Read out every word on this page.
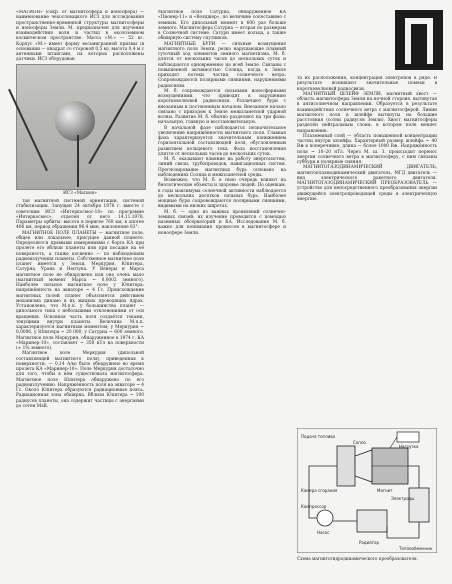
«МАГИОН» (сокр. от магнитосфера и ионосфера) — наименование чехословацкого ИСЗ для исследования пространственно-временной структуры магнитосферы и ионосферы Земли. М. предназначен для изучения взаимодействия волн и частиц в околоземном космическом пространстве. Масса «М.» — 52 кг. Корпус «М.» имеет форму восьмигранной призмы (в основании — квадрат со стороной 0,5 м), высота 0,4 м с антенными штангами, на которых расположены датчики. ИСЗ оборудован

ИСЗ «Магион»

тан магнитной системой ориентации, системой стабилизации. Запущен 24 октября 1978 г. вместе с советским ИСЗ «Интеркосмос-18» по программе «Интеркосмос», отделен от него 14.11.1978. Параметры орбиты: высота в перигее 768 км, в апогее 406 км, период обращения 96,4 мин, наклонение 83°.

МАГНИТНОЕ ПОЛЕ ПЛАНЕТЫ — магнитное поле, общее или локальное, присущее данной планете. Определяется прямыми измерениями с борта КА при пролете его вблизи планеты или при посадке на её поверхность, а также косвенно — по наблюдениям радиоизлучения планеты. Собственное магнитное поле планет имеется у Земли, Меркурия, Юпитера, Сатурна, Урана и Нептуна. У Венеры и Марса магнитное поле не обнаружено или оно очень мало (магнитный момент Марса ~ 0,0002 земного). Наиболее сильное магнитное поле у Юпитера: напряжённость на экваторе ~ 4 Гс. Происхождение магнитных полей планет объясняется действием механизма динамо в их жидких проводящих ядрах. Установлено, что М.п.п. у большинства планет — дипольного типа с небольшими отклонениями от оси вращения. Основная часть поля создаётся токами, текущими внутри планеты. Величина М.п.п. характеризуется магнитным моментом; у Меркурия ~ 0,0006, у Юпитера ~ 20 000, у Сатурна ~ 600 земного. Магнитное поле Меркурия, обнаруженное в 1974 г. КА «Маринер-10», составляет ~ 350 нТл на поверхности (≈ 1% земного).

Магнитное поле Меркурия (дипольной составляющей магнитного поля), приведенная к поверхности, — 0,14 А/м) было обнаружено во время пролета КА «Маринер-10». Поле Меркурия достаточно для того, чтобы в нём существовала магнитосфера. Магнитное поле Юпитера обнаружено по его радиоизлучению. Напряжённость поля на экваторе ~ 4 Гс. Около Юпитера образуются радиационные пояса. Радиационная зона обширна. Вблизи Юпитера ~ 100 радиусов планеты, она содержит частицы с энергиями до сотен МэВ.

Магнитное поле Сатурна, обнаруженное КА «Пионер-11» и «Вояджер», по величине сопоставимо с земным. Его дипольный момент в 600 раз больше земного. Магнитосфера Сатурна — вторая по размерам в Солнечной системе. Сатурн имеет кольца, а также обширную систему спутников.

МАГНИТНЫЕ БУРИ — сильные возмущения магнитного поля Земли, резко нарушающие плавный суточный ход элементов земного магнетизма. М. б. длятся от нескольких часов до нескольких суток и наблюдаются одновременно на всей Земле. Связаны с повышенной активностью Солнца, когда к Земле приходят потоки частиц солнечного ветра. Сопровождаются полярными сияниями, нарушениями радиосвязи.

М. б. сопровождаются сильными ионосферными возмущениями, что приводит к нарушению коротковолновой радиосвязи. Различают бури с внезапным и постепенным началом. Внезапное начало связано с приходом к Земле межпланетной ударной волны. Развитие М. б. обычно разделяют на три фазы: начальную, главную и восстановительную.

В начальной фазе наблюдается незначительное увеличение напряжённости магнитного поля. Главная фаза характеризуется значительным понижением горизонтальной составляющей поля, обусловленным развитием кольцевого тока. Фаза восстановления длится от нескольких часов до нескольких суток.

М. б. оказывают влияние на работу энергосистем, линий связи, трубопроводов, навигационных систем. Прогнозирование магнитных бурь основано на наблюдениях Солнца и межпланетной среды.

Возможно, что М. б. в свою очередь влияют на биологические объекты и здоровье людей. По оценкам, в годы максимума солнечной активности наблюдается до нескольких десятков сильных бурь. Наиболее мощные бури сопровождаются полярными сияниями, видимыми на низких широтах.

М. б. — одно из важных проявлений солнечно-земных связей; их изучение проводится с помощью наземных обсерваторий и КА. Исследование М. б. важно для понимания процессов в магнитосфере и ионосфере Земли.

та их расположения, концентрация электронов в ряде. В результате возникают значительные помехи в коротковолновой радиосвязи.

МАГНИТНЫЙ ШЛЕЙФ ЗЕМЛИ, магнитный хвост — область магнитосферы Земли на ночной стороне, вытянутая в антисолнечном направлении. Образуется в результате взаимодействия солнечного ветра с магнитосферой. Линии магнитного поля в шлейфе вытянуты на большие расстояния (сотни радиусов Земли). Хвост магнитосферы разделён нейтральным слоем, в котором поле меняет направление.

Плазменный слой — область повышенной концентрации частиц внутри шлейфа. Характерный размер шлейфа ~ 40 R⊕ в поперечнике, длина — более 1000 R⊕. Напряжённость поля ~ 10–20 нТл. Через М. ш. З. происходит перенос энергии солнечного ветра в магнитосферу, с ним связаны суббури и полярные сияния.

МАГНИТОГАЗОДИНАМИЧЕСКИЙ ДВИГАТЕЛЬ, магнитоплазмодинамический двигатель, МГД двигатель — вид электрического ракетного двигателя. МАГНИТОГАЗОДИНАМИЧЕСКИЙ ПРЕОБРАЗОВАТЕЛЬ — устройство для непосредственного преобразования энергии движущейся электропроводящей среды в электрическую энергию.

Подача топлива
Сопло
Камера сгорания	Магнит
Нагрузка
Электроды
Радиатор
Насос
Теплообменник
Компрессор
Схема магнитогидродинамического преобразователя.
